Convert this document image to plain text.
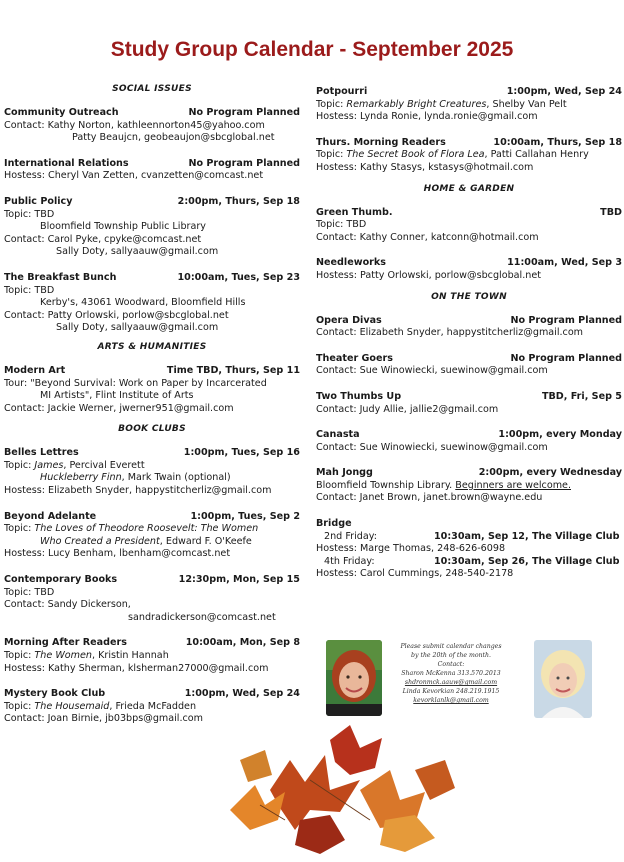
Study Group Calendar - September 2025
SOCIAL ISSUES
Community Outreach	No Program Planned
Contact: Kathy Norton, kathleennorton45@yahoo.com
Patty Beaujcn, geobeaujon@sbcglobal.net
International Relations	No Program Planned
Hostess: Cheryl Van Zetten, cvanzetten@comcast.net
Public Policy	2:00pm, Thurs, Sep 18
Topic: TBD
Bloomfield Township Public Library
Contact: Carol Pyke, cpyke@comcast.net
Sally Doty, sallyaauw@gmail.com
The Breakfast Bunch	10:00am, Tues, Sep 23
Topic: TBD
Kerby's, 43061 Woodward, Bloomfield Hills
Contact: Patty Orlowski, porlow@sbcglobal.net
Sally Doty, sallyaauw@gmail.com
ARTS & HUMANITIES
Modern Art	Time TBD, Thurs, Sep 11
Tour: "Beyond Survival: Work on Paper by Incarcerated
MI Artists", Flint Institute of Arts
Contact: Jackie Werner, jwerner951@gmail.com
BOOK CLUBS
Belles Lettres	1:00pm, Tues, Sep 16
Topic: James, Percival Everett
Huckleberry Finn, Mark Twain (optional)
Hostess: Elizabeth Snyder, happystitcherliz@gmail.com
Beyond Adelante	1:00pm, Tues, Sep 2
Topic: The Loves of Theodore Roosevelt: The Women
Who Created a President, Edward F. O'Keefe
Hostess: Lucy Benham, lbenham@comcast.net
Contemporary Books	12:30pm, Mon, Sep 15
Topic: TBD
Contact: Sandy Dickerson,
sandradickerson@comcast.net
Morning After Readers	10:00am, Mon, Sep 8
Topic: The Women, Kristin Hannah
Hostess: Kathy Sherman, klsherman27000@gmail.com
Mystery Book Club	1:00pm, Wed, Sep 24
Topic: The Housemaid, Frieda McFadden
Contact: Joan Birnie, jb03bps@gmail.com
Potpourri	1:00pm, Wed, Sep 24
Topic: Remarkably Bright Creatures, Shelby Van Pelt
Hostess: Lynda Ronie, lynda.ronie@gmail.com
Thurs. Morning Readers	10:00am, Thurs, Sep 18
Topic: The Secret Book of Flora Lea, Patti Callahan Henry
Hostess: Kathy Stasys, kstasys@hotmail.com
HOME & GARDEN
Green Thumb.	TBD
Topic: TBD
Contact: Kathy Conner, katconn@hotmail.com
Needleworks	11:00am, Wed, Sep 3
Hostess: Patty Orlowski, porlow@sbcglobal.net
ON THE TOWN
Opera Divas	No Program Planned
Contact: Elizabeth Snyder, happystitcherliz@gmail.com
Theater Goers	No Program Planned
Contact: Sue Winowiecki, suewinow@gmail.com
Two Thumbs Up	TBD, Fri, Sep 5
Contact: Judy Allie, jallie2@gmail.com
Canasta	1:00pm, every Monday
Contact: Sue Winowiecki, suewinow@gmail.com
Mah Jongg	2:00pm, every Wednesday
Bloomfield Township Library. Beginners are welcome.
Contact: Janet Brown, janet.brown@wayne.edu
Bridge
2nd Friday:	10:30am, Sep 12, The Village Club
Hostess: Marge Thomas, 248-626-6098
4th Friday:	10:30am, Sep 26, The Village Club
Hostess: Carol Cummings, 248-540-2178
Please submit calendar changes
by the 20th of the month.
Contact:
Sharon McKenna 313.570.2013
shdronmck.aauw@gmail.com
Linda Kevorkian 248.219.1915
kevorklanlk@gmail.com
